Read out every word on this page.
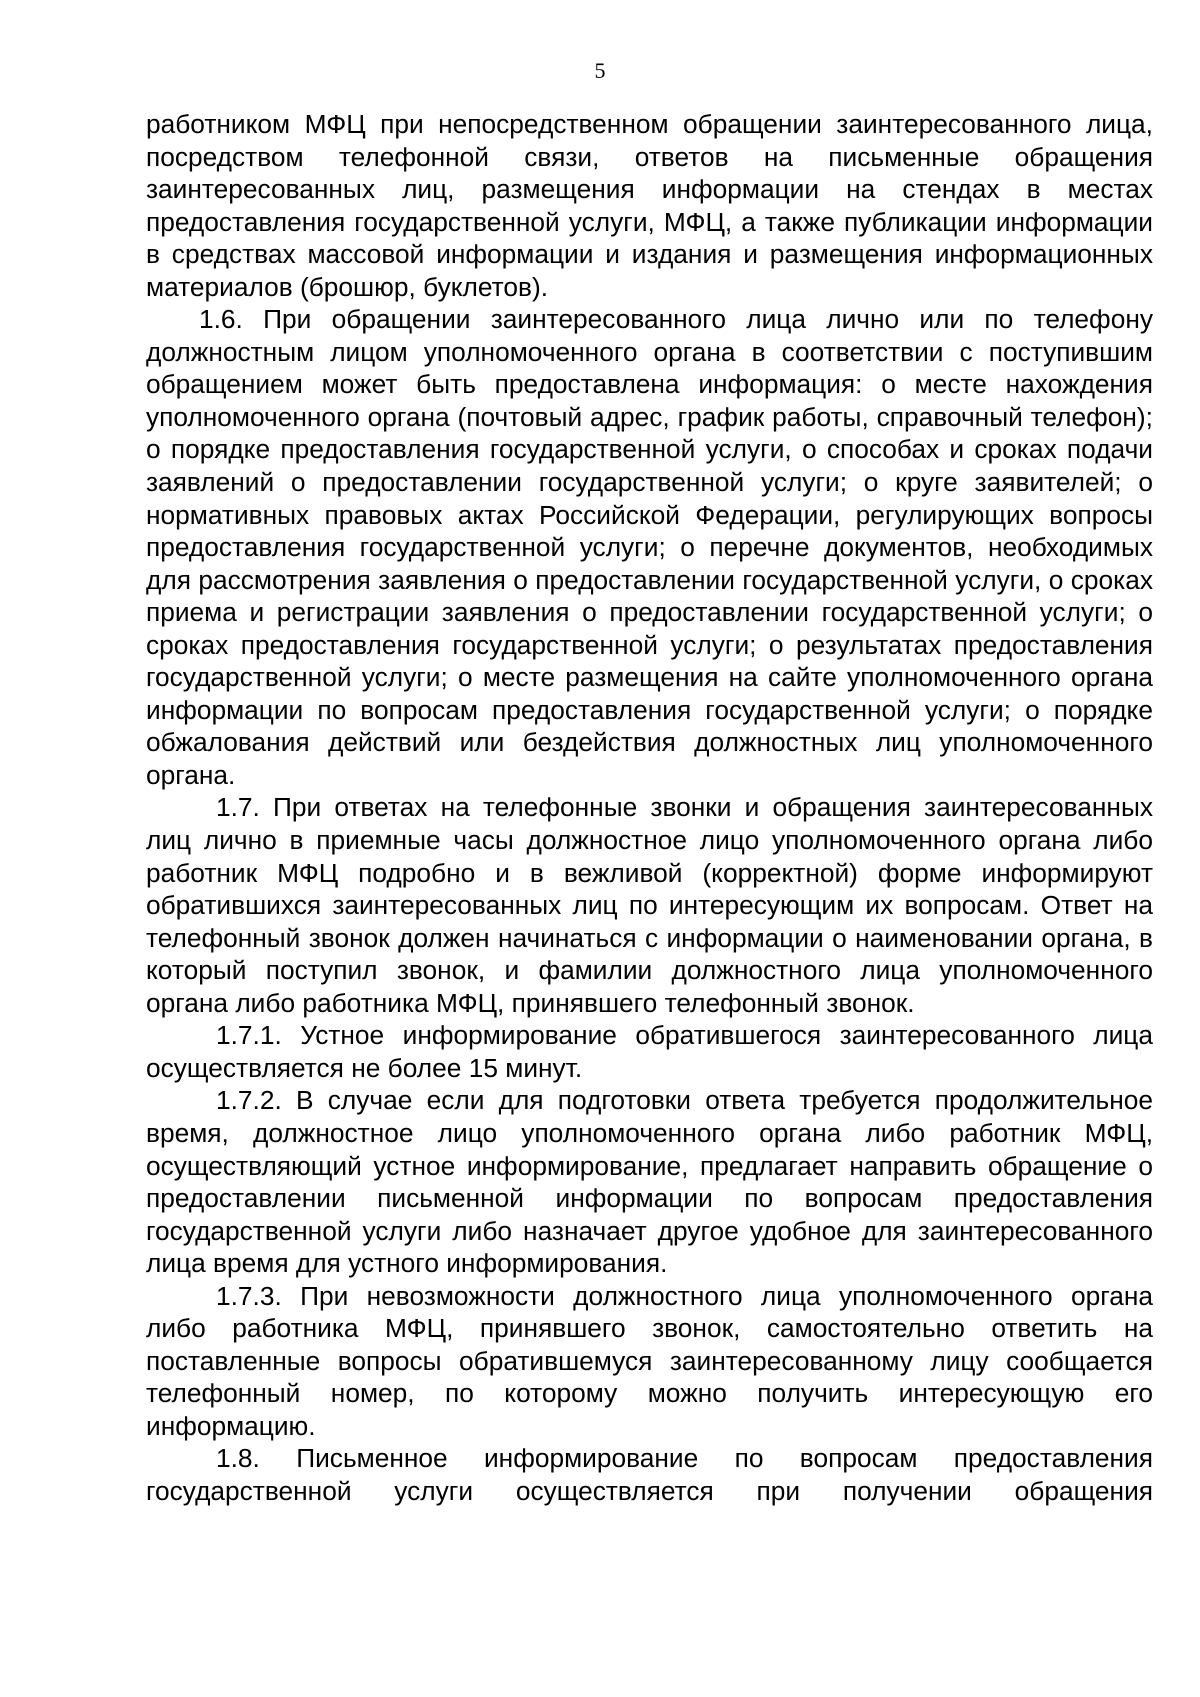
5

работником МФЦ при непосредственном обращении заинтересованного лица, посредством телефонной связи, ответов на письменные обращения заинтересованных лиц, размещения информации на стендах в местах предоставления государственной услуги, МФЦ, а также публикации информации в средствах массовой информации и издания и размещения информационных материалов (брошюр, буклетов).

1.6. При обращении заинтересованного лица лично или по телефону должностным лицом уполномоченного органа в соответствии с поступившим обращением может быть предоставлена информация: о месте нахождения уполномоченного органа (почтовый адрес, график работы, справочный телефон); о порядке предоставления государственной услуги, о способах и сроках подачи заявлений о предоставлении государственной услуги; о круге заявителей; о нормативных правовых актах Российской Федерации, регулирующих вопросы предоставления государственной услуги; о перечне документов, необходимых для рассмотрения заявления о предоставлении государственной услуги, о сроках приема и регистрации заявления о предоставлении государственной услуги; о сроках предоставления государственной услуги; о результатах предоставления государственной услуги; о месте размещения на сайте уполномоченного органа информации по вопросам предоставления государственной услуги; о порядке обжалования действий или бездействия должностных лиц уполномоченного органа.

1.7. При ответах на телефонные звонки и обращения заинтересованных лиц лично в приемные часы должностное лицо уполномоченного органа либо работник МФЦ подробно и в вежливой (корректной) форме информируют обратившихся заинтересованных лиц по интересующим их вопросам. Ответ на телефонный звонок должен начинаться с информации о наименовании органа, в который поступил звонок, и фамилии должностного лица уполномоченного органа либо работника МФЦ, принявшего телефонный звонок.

1.7.1. Устное информирование обратившегося заинтересованного лица осуществляется не более 15 минут.

1.7.2. В случае если для подготовки ответа требуется продолжительное время, должностное лицо уполномоченного органа либо работник МФЦ, осуществляющий устное информирование, предлагает направить обращение о предоставлении письменной информации по вопросам предоставления государственной услуги либо назначает другое удобное для заинтересованного лица время для устного информирования.

1.7.3. При невозможности должностного лица уполномоченного органа либо работника МФЦ, принявшего звонок, самостоятельно ответить на поставленные вопросы обратившемуся заинтересованному лицу сообщается телефонный номер, по которому можно получить интересующую его информацию.

1.8. Письменное информирование по вопросам предоставления государственной услуги осуществляется при получении обращения
